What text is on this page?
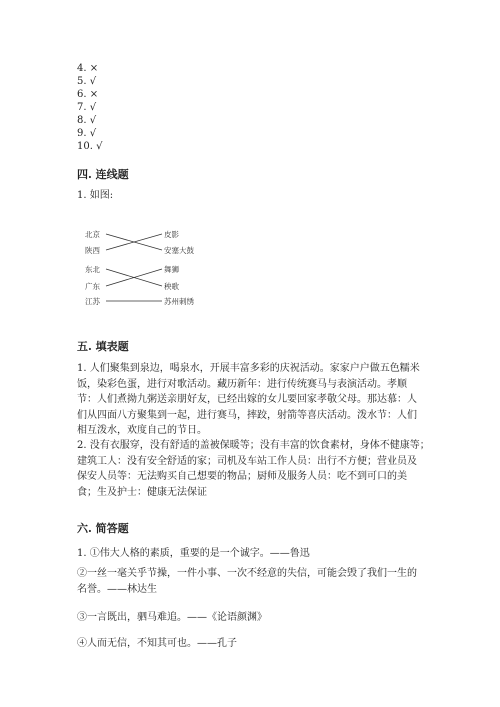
4. ×
5. √
6. ×
7. √
8. √
9. √
10. √
四. 连线题
1. 如图:
北京
陕西
东北
广东
江苏
皮影
安塞大鼓
舞狮
秧歌
苏州刺绣
五. 填表题
1. 人们聚集到泉边，喝泉水，开展丰富多彩的庆祝活动。家家户户做五色糯米
饭，染彩色蛋，进行对歌活动。藏历新年：进行传统赛马与表演活动。孝顺
节：人们煮拗九粥送亲朋好友，已经出嫁的女儿要回家孝敬父母。那达慕：人
们从四面八方聚集到一起，进行赛马，摔跤，射箭等喜庆活动。泼水节：人们
相互泼水，欢度自己的节日。
2. 没有衣服穿，没有舒适的盖被保暖等；没有丰富的饮食素材，身体不健康等；
建筑工人：没有安全舒适的家；司机及车站工作人员：出行不方便；营业员及
保安人员等：无法购买自己想要的物品；厨师及服务人员：吃不到可口的美
食；生及护士：健康无法保证
六. 简答题
1. ①伟大人格的素质，重要的是一个诚字。——鲁迅
②一丝一毫关乎节操，一件小事、一次不经意的失信，可能会毁了我们一生的
名誉。——林达生
③一言既出，驷马难追。——《论语颜渊》
④人而无信，不知其可也。——孔子
